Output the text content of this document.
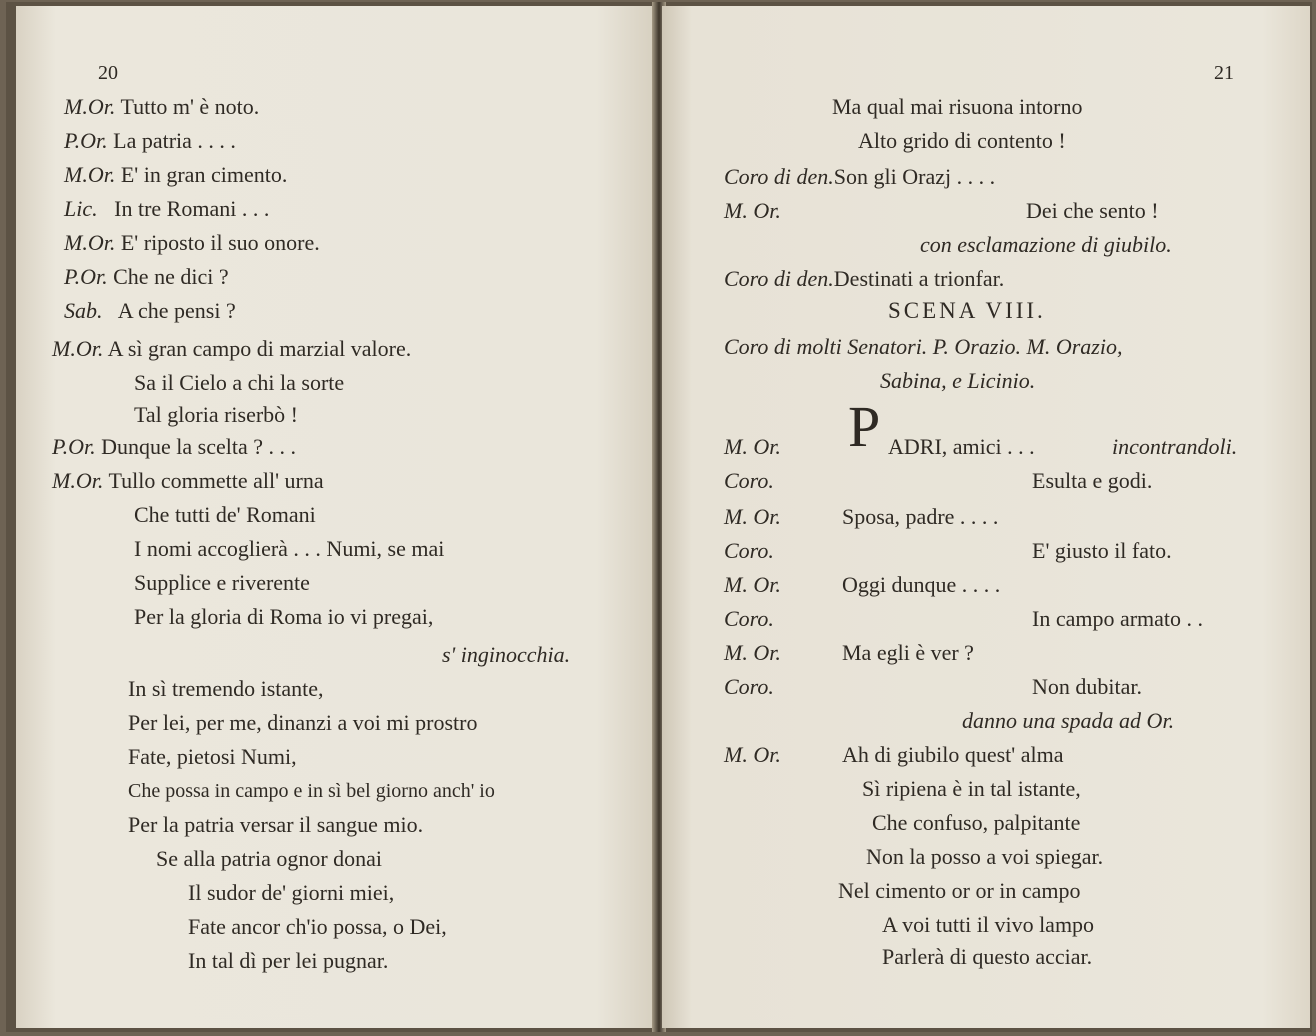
20
M.Or. Tutto m' è noto.
P.Or. La patria . . . .
M.Or. E' in gran cimento.
Lic. In tre Romani . . .
M.Or. E' riposto il suo onore.
P.Or. Che ne dici ?
Sab. A che pensi ?
M.Or. A sì gran campo di marzial valore.
Sa il Cielo a chi la sorte
Tal gloria riserbò !
P.Or. Dunque la scelta ? . . .
M.Or. Tullo commette all' urna
Che tutti de' Romani
I nomi accoglierà . . . Numi, se mai
Supplice e riverente
Per la gloria di Roma io vi pregai,
s' inginocchia.
In sì tremendo istante,
Per lei, per me, dinanzi a voi mi prostro
Fate, pietosi Numi,
Che possa in campo e in sì bel giorno anch' io
Per la patria versar il sangue mio.
Se alla patria ognor donai
Il sudor de' giorni miei,
Fate ancor ch'io possa, o Dei,
In tal dì per lei pugnar.
21
Ma qual mai risuona intorno
Alto grido di contento !
Coro di den.Son gli Orazj . . . .
M. Or.	Dei che sento !
con esclamazione di giubilo.
Coro di den.Destinati a trionfar.
SCENA VIII.
Coro di molti Senatori. P. Orazio. M. Orazio,
Sabina, e Licinio.
M. Or. P ADRI, amici . . .	incontrandoli.
Coro.	Esulta e godi.
M. Or.	Sposa, padre . . . .
Coro.	E' giusto il fato.
M. Or.	Oggi dunque . . . .
Coro.	In campo armato . .
M. Or.	Ma egli è ver ?
Coro.	Non dubitar.
danno una spada ad Or.
M. Or.	Ah di giubilo quest' alma
Sì ripiena è in tal istante,
Che confuso, palpitante
Non la posso a voi spiegar.
Nel cimento or or in campo
A voi tutti il vivo lampo
Parlerà di questo acciar.
